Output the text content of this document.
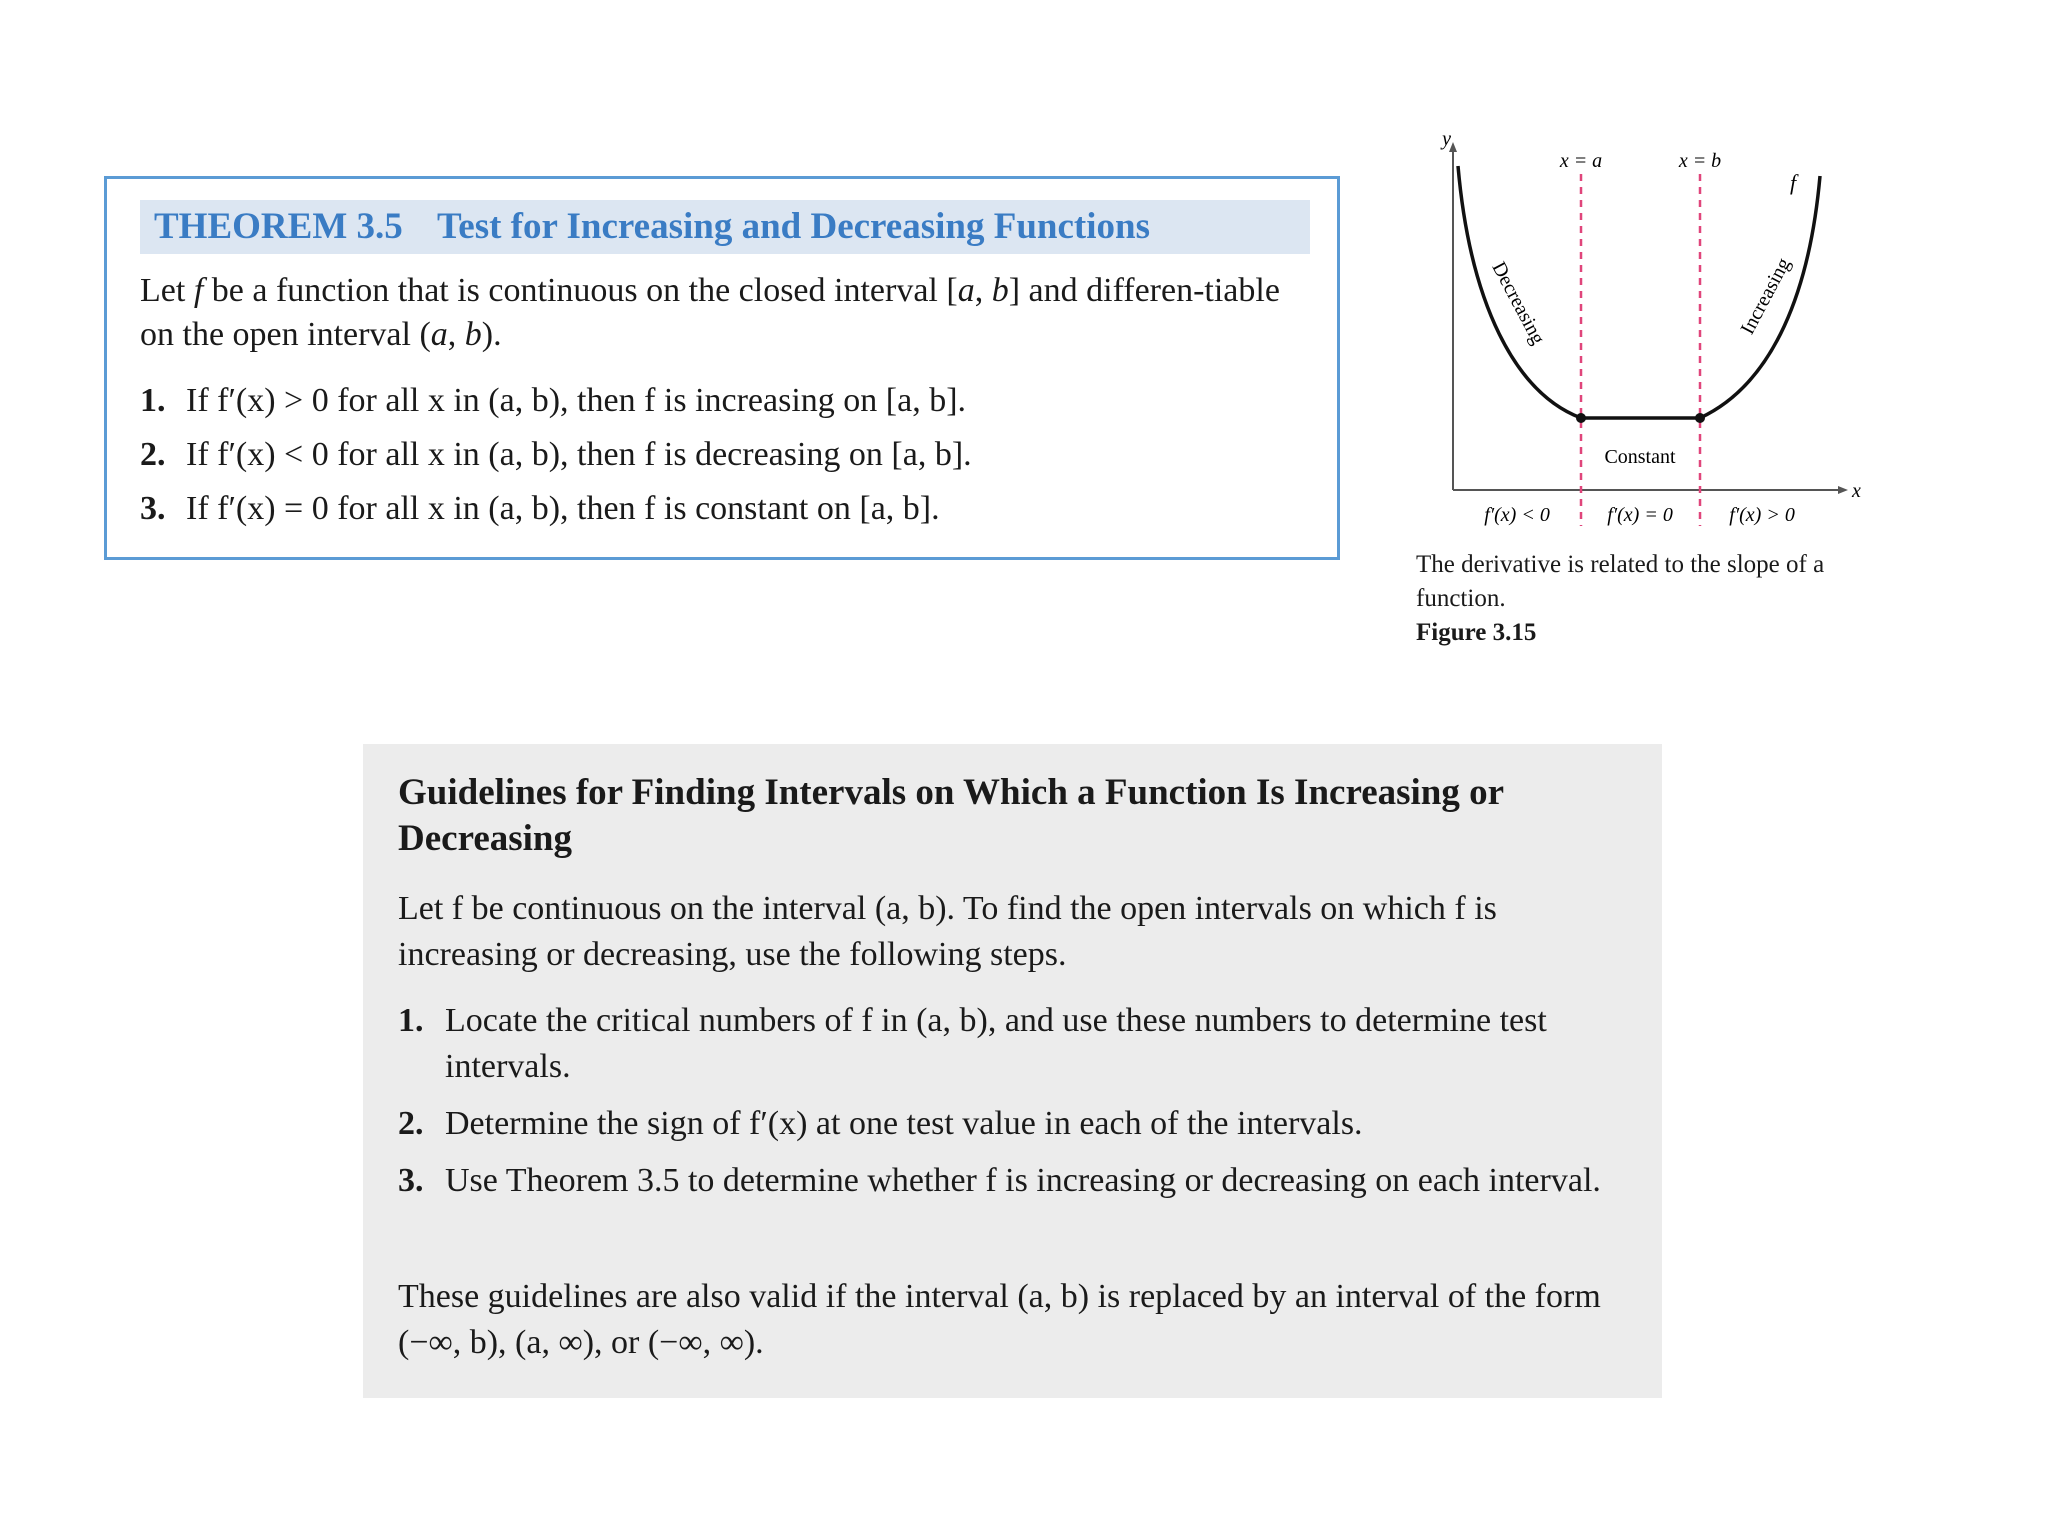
THEOREM 3.5 Test for Increasing and Decreasing Functions
Let f be a function that is continuous on the closed interval [a, b] and differen-tiable on the open interval (a, b).
1. If f′(x) > 0 for all x in (a, b), then f is increasing on [a, b].
2. If f′(x) < 0 for all x in (a, b), then f is decreasing on [a, b].
3. If f′(x) = 0 for all x in (a, b), then f is constant on [a, b].
y
x
x = a	x = b
f
Decreasing	Increasing
Constant
f′(x) < 0	f′(x) = 0	f′(x) > 0
The derivative is related to the slope of a function.
Figure 3.15
Guidelines for Finding Intervals on Which a Function Is Increasing or Decreasing
Let f be continuous on the interval (a, b). To find the open intervals on which f is increasing or decreasing, use the following steps.
1. Locate the critical numbers of f in (a, b), and use these numbers to determine test intervals.
2. Determine the sign of f′(x) at one test value in each of the intervals.
3. Use Theorem 3.5 to determine whether f is increasing or decreasing on each interval.
These guidelines are also valid if the interval (a, b) is replaced by an interval of the form (−∞, b), (a, ∞), or (−∞, ∞).
